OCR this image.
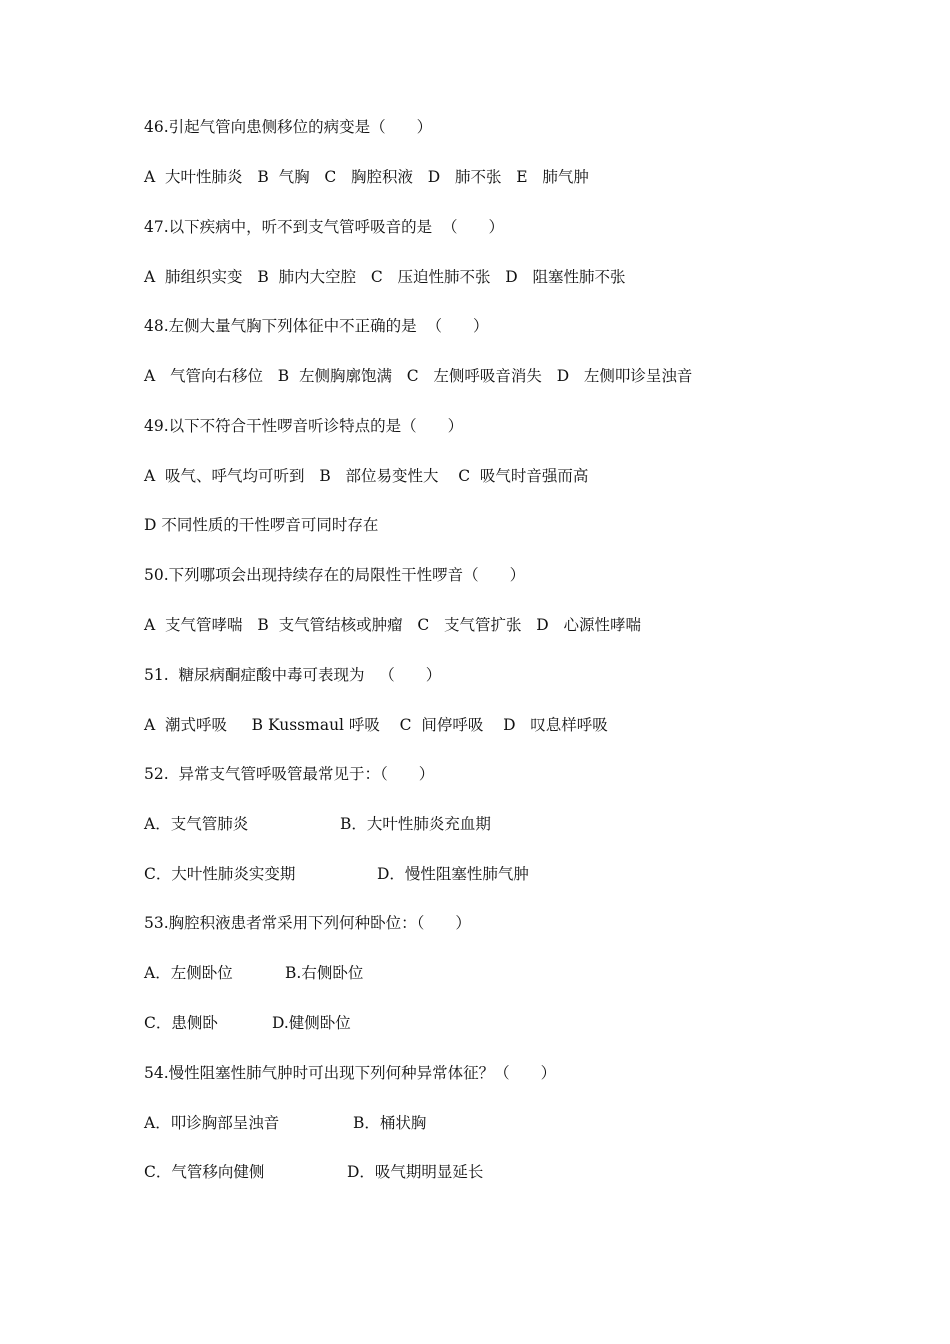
46.引起气管向患侧移位的病变是（　　）
A  大叶性肺炎   B  气胸   C   胸腔积液   D   肺不张   E   肺气肿
47.以下疾病中，听不到支气管呼吸音的是  （　　）
A  肺组织实变   B  肺内大空腔   C   压迫性肺不张   D   阻塞性肺不张
48.左侧大量气胸下列体征中不正确的是  （　　）
A   气管向右移位   B  左侧胸廓饱满   C   左侧呼吸音消失   D   左侧叩诊呈浊音
49.以下不符合干性啰音听诊特点的是（　　）
A  吸气、呼气均可听到   B   部位易变性大    C  吸气时音强而高
D 不同性质的干性啰音可同时存在
50.下列哪项会出现持续存在的局限性干性啰音（　　）
A  支气管哮喘   B  支气管结核或肿瘤   C   支气管扩张   D   心源性哮喘
51.  糖尿病酮症酸中毒可表现为   （　　）
A  潮式呼吸     B Kussmaul 呼吸    C  间停呼吸    D   叹息样呼吸
52.  异常支气管呼吸管最常见于：（　　）
A．支气管肺炎	B．大叶性肺炎充血期
C．大叶性肺炎实变期	D．慢性阻塞性肺气肿
53.胸腔积液患者常采用下列何种卧位：（　　）
A．左侧卧位	B.右侧卧位
C．患侧卧	D.健侧卧位
54.慢性阻塞性肺气肿时可出现下列何种异常体征？（　　）
A．叩诊胸部呈浊音	B．桶状胸
C．气管移向健侧	D．吸气期明显延长
